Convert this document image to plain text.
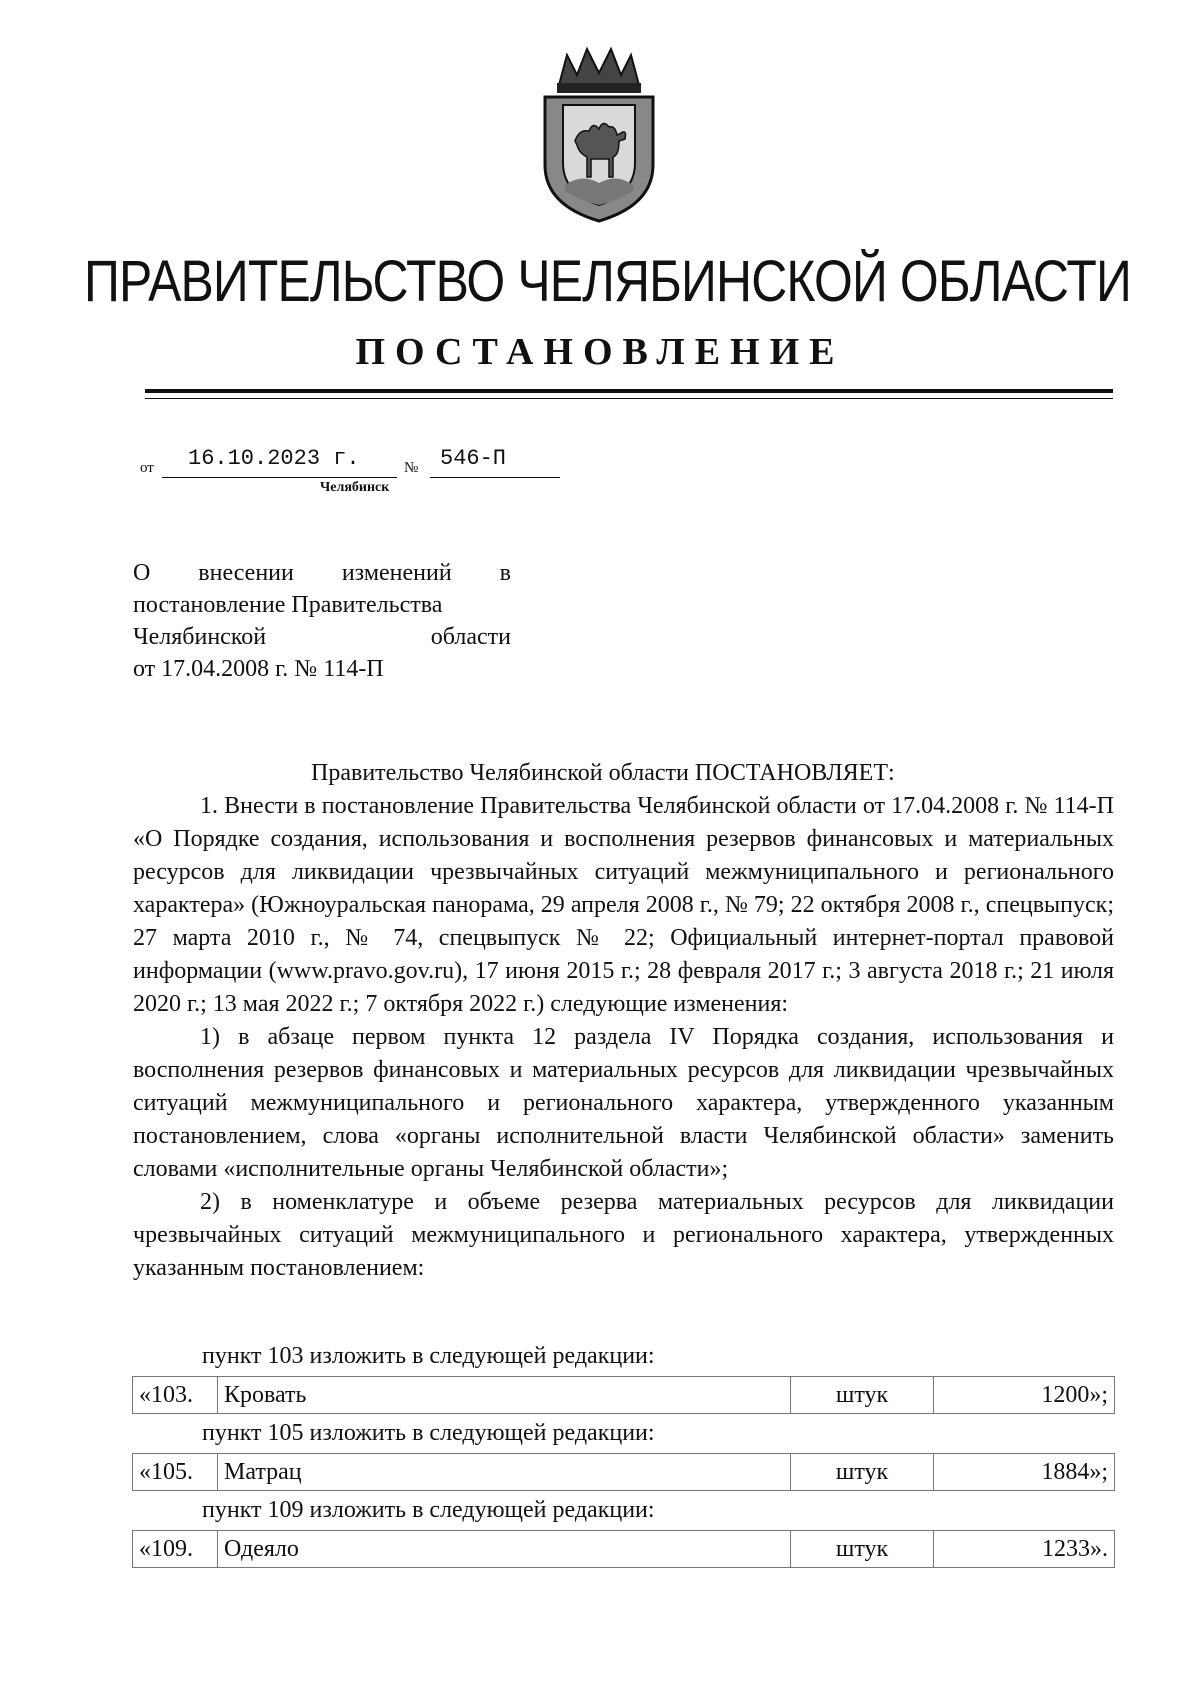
ПРАВИТЕЛЬСТВО ЧЕЛЯБИНСКОЙ ОБЛАСТИ
ПОСТАНОВЛЕНИЕ
от 16.10.2023 г.	№ 546-П
Челябинск
О внесении изменений в
постановление Правительства
Челябинской области
от 17.04.2008 г. № 114-П

Правительство Челябинской области ПОСТАНОВЛЯЕТ:

1. Внести в постановление Правительства Челябинской области от 17.04.2008 г. № 114-П «О Порядке создания, использования и восполнения резервов финансовых и материальных ресурсов для ликвидации чрезвычайных ситуаций межмуниципального и регионального характера» (Южноуральская панорама, 29 апреля 2008 г., № 79; 22 октября 2008 г., спецвыпуск; 27 марта 2010 г., № 74, спецвыпуск № 22; Официальный интернет-портал правовой информации (www.pravo.gov.ru), 17 июня 2015 г.; 28 февраля 2017 г.; 3 августа 2018 г.; 21 июля 2020 г.; 13 мая 2022 г.; 7 октября 2022 г.) следующие изменения:

1) в абзаце первом пункта 12 раздела IV Порядка создания, использования и восполнения резервов финансовых и материальных ресурсов для ликвидации чрезвычайных ситуаций межмуниципального и регионального характера, утвержденного указанным постановлением, слова «органы исполнительной власти Челябинской области» заменить словами «исполнительные органы Челябинской области»;

2) в номенклатуре и объеме резерва материальных ресурсов для ликвидации чрезвычайных ситуаций межмуниципального и регионального характера, утвержденных указанным постановлением:

пункт 103 изложить в следующей редакции:
«103.	Кровать	штук	1200»;
пункт 105 изложить в следующей редакции:
«105.	Матрац	штук	1884»;
пункт 109 изложить в следующей редакции:
«109.	Одеяло	штук	1233».
